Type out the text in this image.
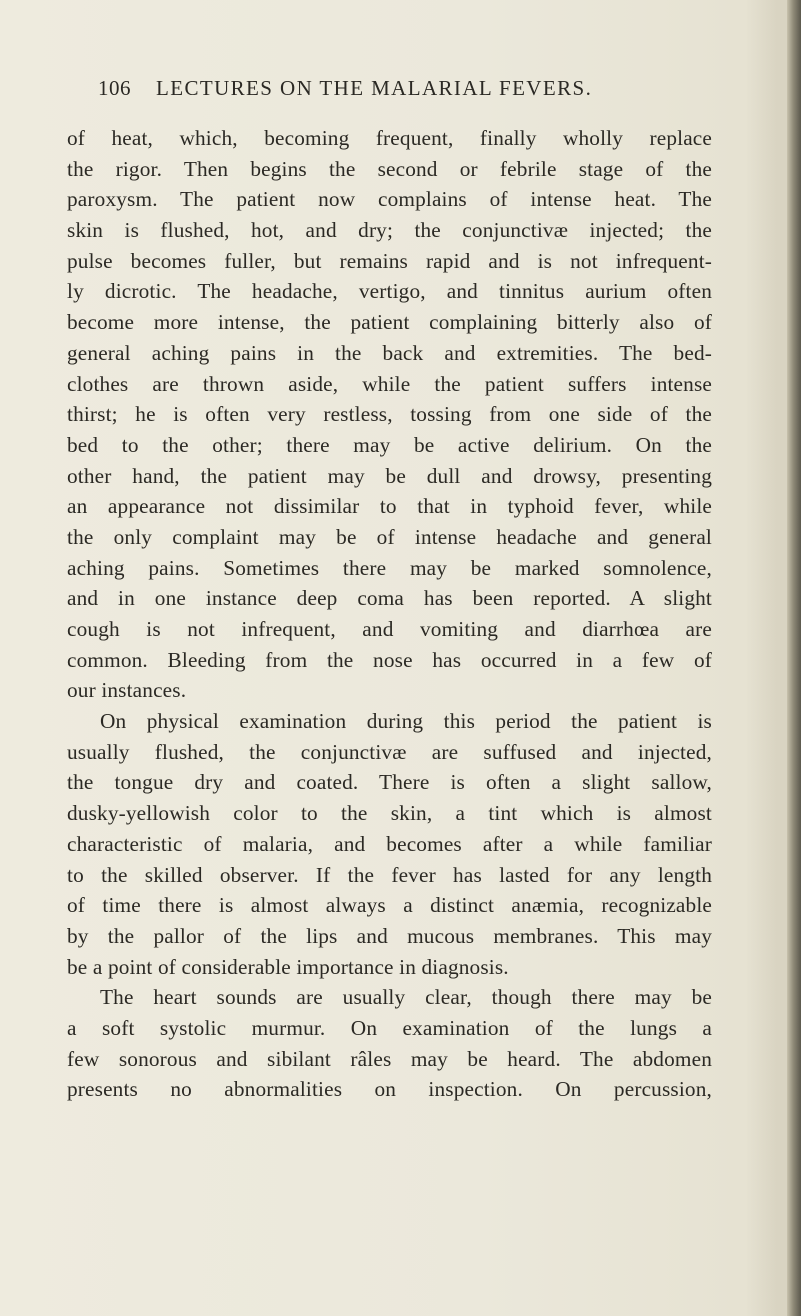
106 LECTURES ON THE MALARIAL FEVERS.
of heat, which, becoming frequent, finally wholly replace
the rigor. Then begins the second or febrile stage of the
paroxysm. The patient now complains of intense heat. The
skin is flushed, hot, and dry; the conjunctivæ injected; the
pulse becomes fuller, but remains rapid and is not infrequent-
ly dicrotic. The headache, vertigo, and tinnitus aurium often
become more intense, the patient complaining bitterly also of
general aching pains in the back and extremities. The bed-
clothes are thrown aside, while the patient suffers intense
thirst; he is often very restless, tossing from one side of the
bed to the other; there may be active delirium. On the
other hand, the patient may be dull and drowsy, presenting
an appearance not dissimilar to that in typhoid fever, while
the only complaint may be of intense headache and general
aching pains. Sometimes there may be marked somnolence,
and in one instance deep coma has been reported. A slight
cough is not infrequent, and vomiting and diarrhœa are
common. Bleeding from the nose has occurred in a few of
our instances.
On physical examination during this period the patient is
usually flushed, the conjunctivæ are suffused and injected,
the tongue dry and coated. There is often a slight sallow,
dusky-yellowish color to the skin, a tint which is almost
characteristic of malaria, and becomes after a while familiar
to the skilled observer. If the fever has lasted for any length
of time there is almost always a distinct anæmia, recognizable
by the pallor of the lips and mucous membranes. This may
be a point of considerable importance in diagnosis.
The heart sounds are usually clear, though there may be
a soft systolic murmur. On examination of the lungs a
few sonorous and sibilant râles may be heard. The abdomen
presents no abnormalities on inspection. On percussion,
